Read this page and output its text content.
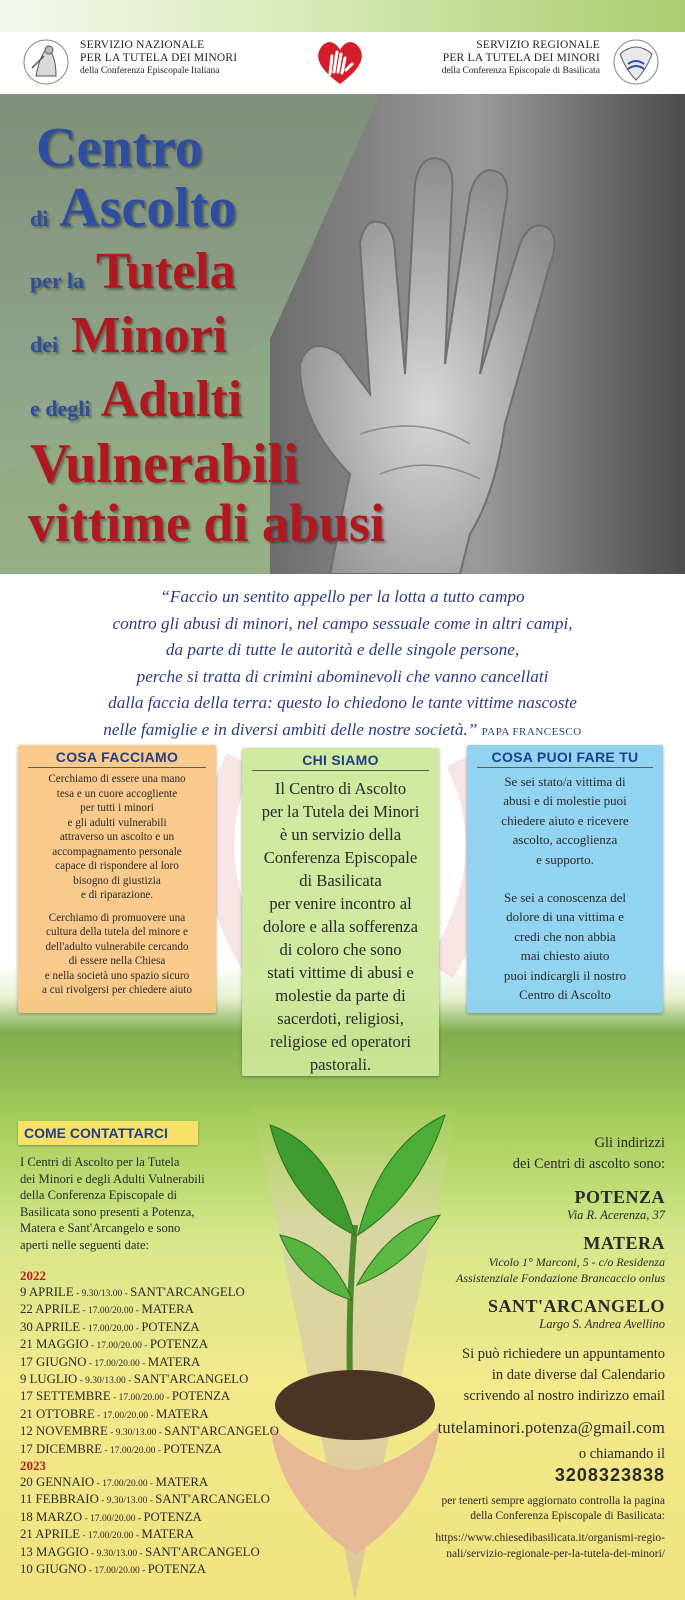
SERVIZIO NAZIONALE
PER LA TUTELA DEI MINORI
della Conferenza Episcopale Italiana
SERVIZIO REGIONALE
PER LA TUTELA DEI MINORI
della Conferenza Episcopale di Basilicata
Centro
di Ascolto
per la Tutela
dei Minori
e degli Adulti
Vulnerabili
vittime di abusi
“Faccio un sentito appello per la lotta a tutto campo
contro gli abusi di minori, nel campo sessuale come in altri campi,
da parte di tutte le autorità e delle singole persone,
perche si tratta di crimini abominevoli che vanno cancellati
dalla faccia della terra: questo lo chiedono le tante vittime nascoste
nelle famiglie e in diversi ambiti delle nostre società.” PAPA FRANCESCO
COSA FACCIAMO

Cerchiamo di essere una mano
tesa e un cuore accogliente
per tutti i minori
e gli adulti vulnerabili
attraverso un ascolto e un
accompagnamento personale
capace di rispondere al loro
bisogno di giustizia
e di riparazione.

Cerchiamo di promuovere una
cultura della tutela del minore e
dell'adulto vulnerabile cercando
di essere nella Chiesa
e nella società uno spazio sicuro
a cui rivolgersi per chiedere aiuto

CHI SIAMO

Il Centro di Ascolto
per la Tutela dei Minori
è un servizio della
Conferenza Episcopale
di Basilicata
per venire incontro al
dolore e alla sofferenza
di coloro che sono
stati vittime di abusi e
molestie da parte di
sacerdoti, religiosi,
religiose ed operatori
pastorali.

COSA PUOI FARE TU

Se sei stato/a vittima di
abusi e di molestie puoi
chiedere aiuto e ricevere
ascolto, accoglienza
e supporto.

Se sei a conoscenza del
dolore di una vittima e
credi che non abbia
mai chiesto aiuto
puoi indicargli il nostro
Centro di Ascolto

COME CONTATTARCI
I Centri di Ascolto per la Tutela
dei Minori e degli Adulti Vulnerabili
della Conferenza Episcopale di
Basilicata sono presenti a Potenza,
Matera e Sant'Arcangelo e sono
aperti nelle seguenti date:
2022
9 APRILE - 9.30/13.00 - SANT'ARCANGELO
22 APRILE - 17.00/20.00 - MATERA
30 APRILE - 17.00/20.00 - POTENZA
21 MAGGIO - 17.00/20.00 - POTENZA
17 GIUGNO - 17.00/20.00 - MATERA
9 LUGLIO - 9.30/13.00 - SANT'ARCANGELO
17 SETTEMBRE - 17.00/20.00 - POTENZA
21 OTTOBRE - 17.00/20.00 - MATERA
12 NOVEMBRE - 9.30/13.00 - SANT'ARCANGELO
17 DICEMBRE - 17.00/20.00 - POTENZA
2023
20 GENNAIO - 17.00/20.00 - MATERA
11 FEBBRAIO - 9.30/13.00 - SANT'ARCANGELO
18 MARZO - 17.00/20.00 - POTENZA
21 APRILE - 17.00/20.00 - MATERA
13 MAGGIO - 9.30/13.00 - SANT'ARCANGELO
10 GIUGNO - 17.00/20.00 - POTENZA
Gli indirizzi
dei Centri di ascolto sono:
POTENZA
Via R. Acerenza, 37
MATERA
Vicolo 1° Marconi, 5 - c/o Residenza
Assistenziale Fondazione Brancaccio onlus
SANT'ARCANGELO
Largo S. Andrea Avellino
Si può richiedere un appuntamento
in date diverse dal Calendario
scrivendo al nostro indirizzo email
tutelaminori.potenza@gmail.com
o chiamando il
3208323838
per tenerti sempre aggiornato controlla la pagina
della Conferenza Episcopale di Basilicata:
https://www.chiesedibasilicata.it/organismi-regio-
nali/servizio-regionale-per-la-tutela-dei-minori/
